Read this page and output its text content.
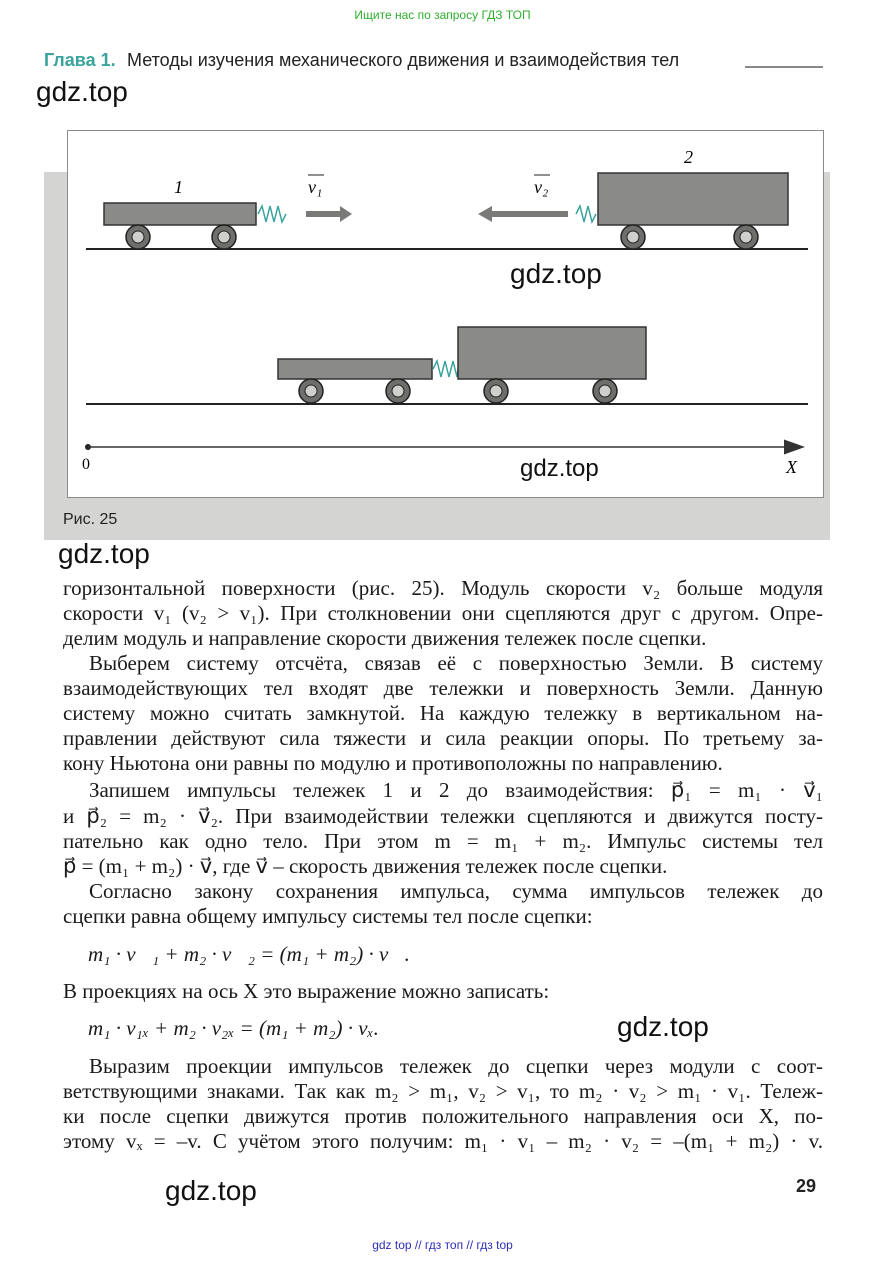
Ищите нас по запросу ГДЗ ТОП
Глава 1. Методы изучения механического движения и взаимодействия тел
1	v₁
2
v₂
0	X
Рис. 25
gdz.top
gdz.top
gdz.top
gdz.top
gdz.top
gdz.top
горизонтальной поверхности (рис. 25). Модуль скорости v₂ больше модуля
скорости v₁ (v₂ > v₁). При столкновении они сцепляются друг с другом. Опре-
делим модуль и направление скорости движения тележек после сцепки.
Выберем систему отсчёта, связав её с поверхностью Земли. В систему
взаимодействующих тел входят две тележки и поверхность Земли. Данную
систему можно считать замкнутой. На каждую тележку в вертикальном на-
правлении действуют сила тяжести и сила реакции опоры. По третьему за-
кону Ньютона они равны по модулю и противоположны по направлению.
Запишем импульсы тележек 1 и 2 до взаимодействия: p⃗₁ = m₁ · v⃗₁
и p⃗₂ = m₂ · v⃗₂. При взаимодействии тележки сцепляются и движутся посту-
пательно как одно тело. При этом m = m₁ + m₂. Импульс системы тел
p⃗ = (m₁ + m₂) · v⃗, где v⃗ – скорость движения тележек после сцепки.
Согласно закону сохранения импульса, сумма импульсов тележек до
сцепки равна общему импульсу системы тел после сцепки:
m₁ · v⃗₁ + m₂ · v⃗₂ = (m₁ + m₂) · v⃗.
В проекциях на ось X это выражение можно записать:
m₁ · v₁ₓ + m₂ · v₂ₓ = (m₁ + m₂) · vₓ.
Выразим проекции импульсов тележек до сцепки через модули с соот-
ветствующими знаками. Так как m₂ > m₁, v₂ > v₁, то m₂ · v₂ > m₁ · v₁. Тележ-
ки после сцепки движутся против положительного направления оси X, по-
этому vₓ = –v. С учётом этого получим: m₁ · v₁ – m₂ · v₂ = –(m₁ + m₂) · v.
29
gdz top // гдз топ // гдз top
